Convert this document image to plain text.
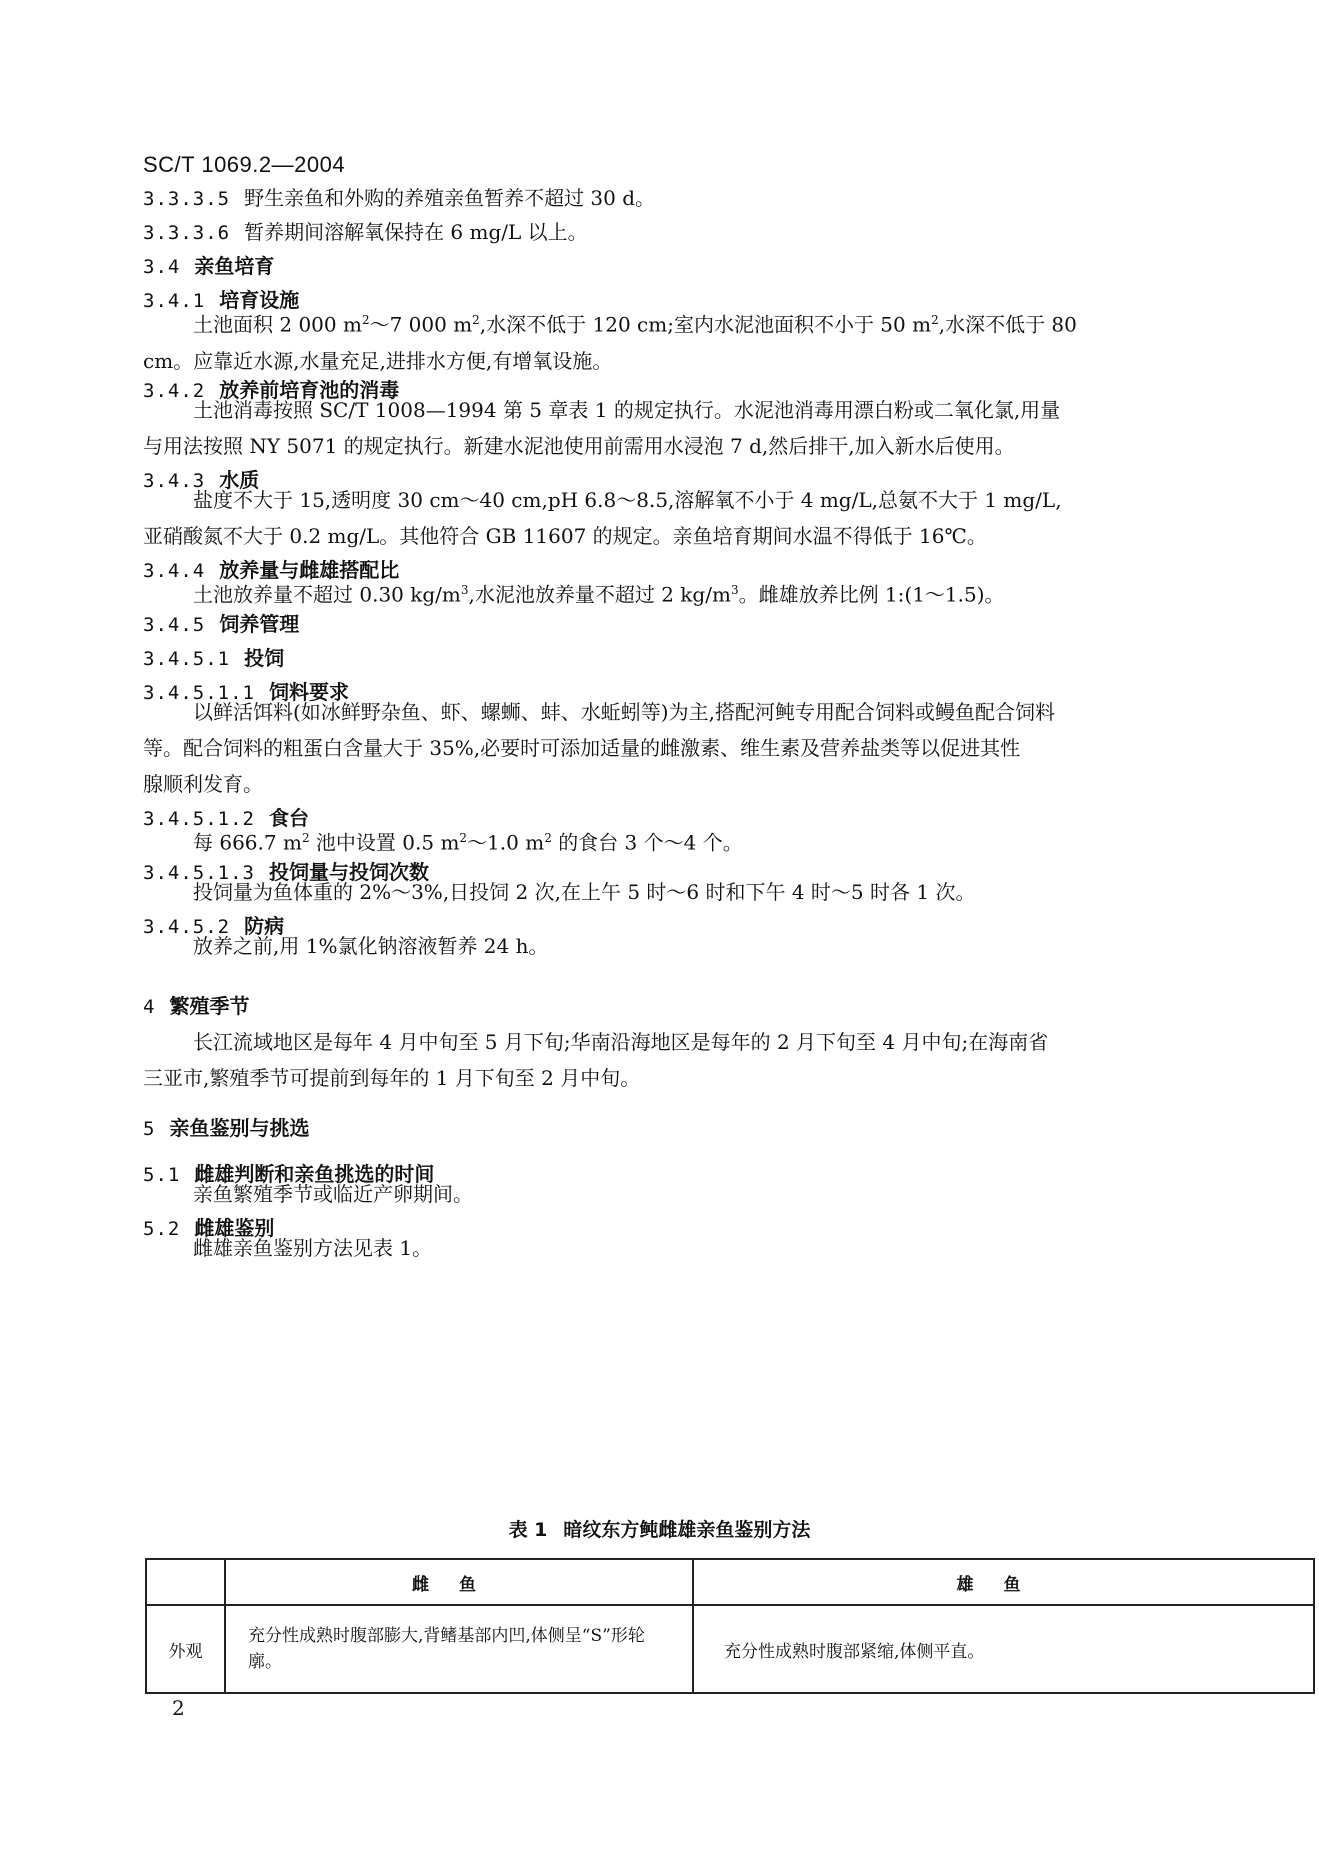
SC/T 1069.2—2004
3.3.3.5 野生亲鱼和外购的养殖亲鱼暂养不超过 30 d。
3.3.3.6 暂养期间溶解氧保持在 6 mg/L 以上。
3.4 亲鱼培育
3.4.1 培育设施

土池面积 2 000 $m^2\sim 7$ 000 $m^2$,水深不低于 120 cm;室内水泥池面积不小于 50 $m^2$,水深不低于 80

cm。应靠近水源,水量充足,进排水方便,有增氧设施。

3.4.2 放养前培育池的消毒

土池消毒按照 SC/T 1008—1994 第 5 章表 1 的规定执行。水泥池消毒用漂白粉或二氧化氯,用量

与用法按照 NY 5071 的规定执行。新建水泥池使用前需用水浸泡 7 d,然后排干,加入新水后使用。

3.4.3 水质

盐度不大于 15,透明度 30 cm～40 cm,pH 6.8～8.5,溶解氧不小于 4 mg/L,总氨不大于 1 mg/L,

亚硝酸氮不大于 0.2 mg/L。其他符合 GB 11607 的规定。亲鱼培育期间水温不得低于 16℃。

3.4.4 放养量与雌雄搭配比

土池放养量不超过 0.30 $kg/m^3$,水泥池放养量不超过 2 $kg/m^3$。雌雄放养比例 1:(1～1.5)。

3.4.5 饲养管理
3.4.5.1 投饲
3.4.5.1.1 饲料要求

以鲜活饵料(如冰鲜野杂鱼、虾、螺蛳、蚌、水蚯蚓等)为主,搭配河鲀专用配合饲料或鳗鱼配合饲料

等。配合饲料的粗蛋白含量大于 35%,必要时可添加适量的雌激素、维生素及营养盐类等以促进其性

腺顺利发育。

3.4.5.1.2 食台

每 666.7 $m^2$ 池中设置 0.5 $m^2\sim 1.0$ $m^2$ 的食台 3 个～4 个。

3.4.5.1.3 投饲量与投饲次数

投饲量为鱼体重的 2%～3%,日投饲 2 次,在上午 5 时～6 时和下午 4 时～5 时各 1 次。

3.4.5.2 防病

放养之前,用 1%氯化钠溶液暂养 24 h。

4 繁殖季节

长江流域地区是每年 4 月中旬至 5 月下旬;华南沿海地区是每年的 2 月下旬至 4 月中旬;在海南省

三亚市,繁殖季节可提前到每年的 1 月下旬至 2 月中旬。

5 亲鱼鉴别与挑选
5.1 雌雄判断和亲鱼挑选的时间

亲鱼繁殖季节或临近产卵期间。

5.2 雌雄鉴别

雌雄亲鱼鉴别方法见表 1。

表 1 暗纹东方鲀雌雄亲鱼鉴别方法
	雌鱼	雄鱼
外观	充分性成熟时腹部膨大,背鳍基部内凹,体侧呈“S”形轮廓。	充分性成熟时腹部紧缩,体侧平直。
2
